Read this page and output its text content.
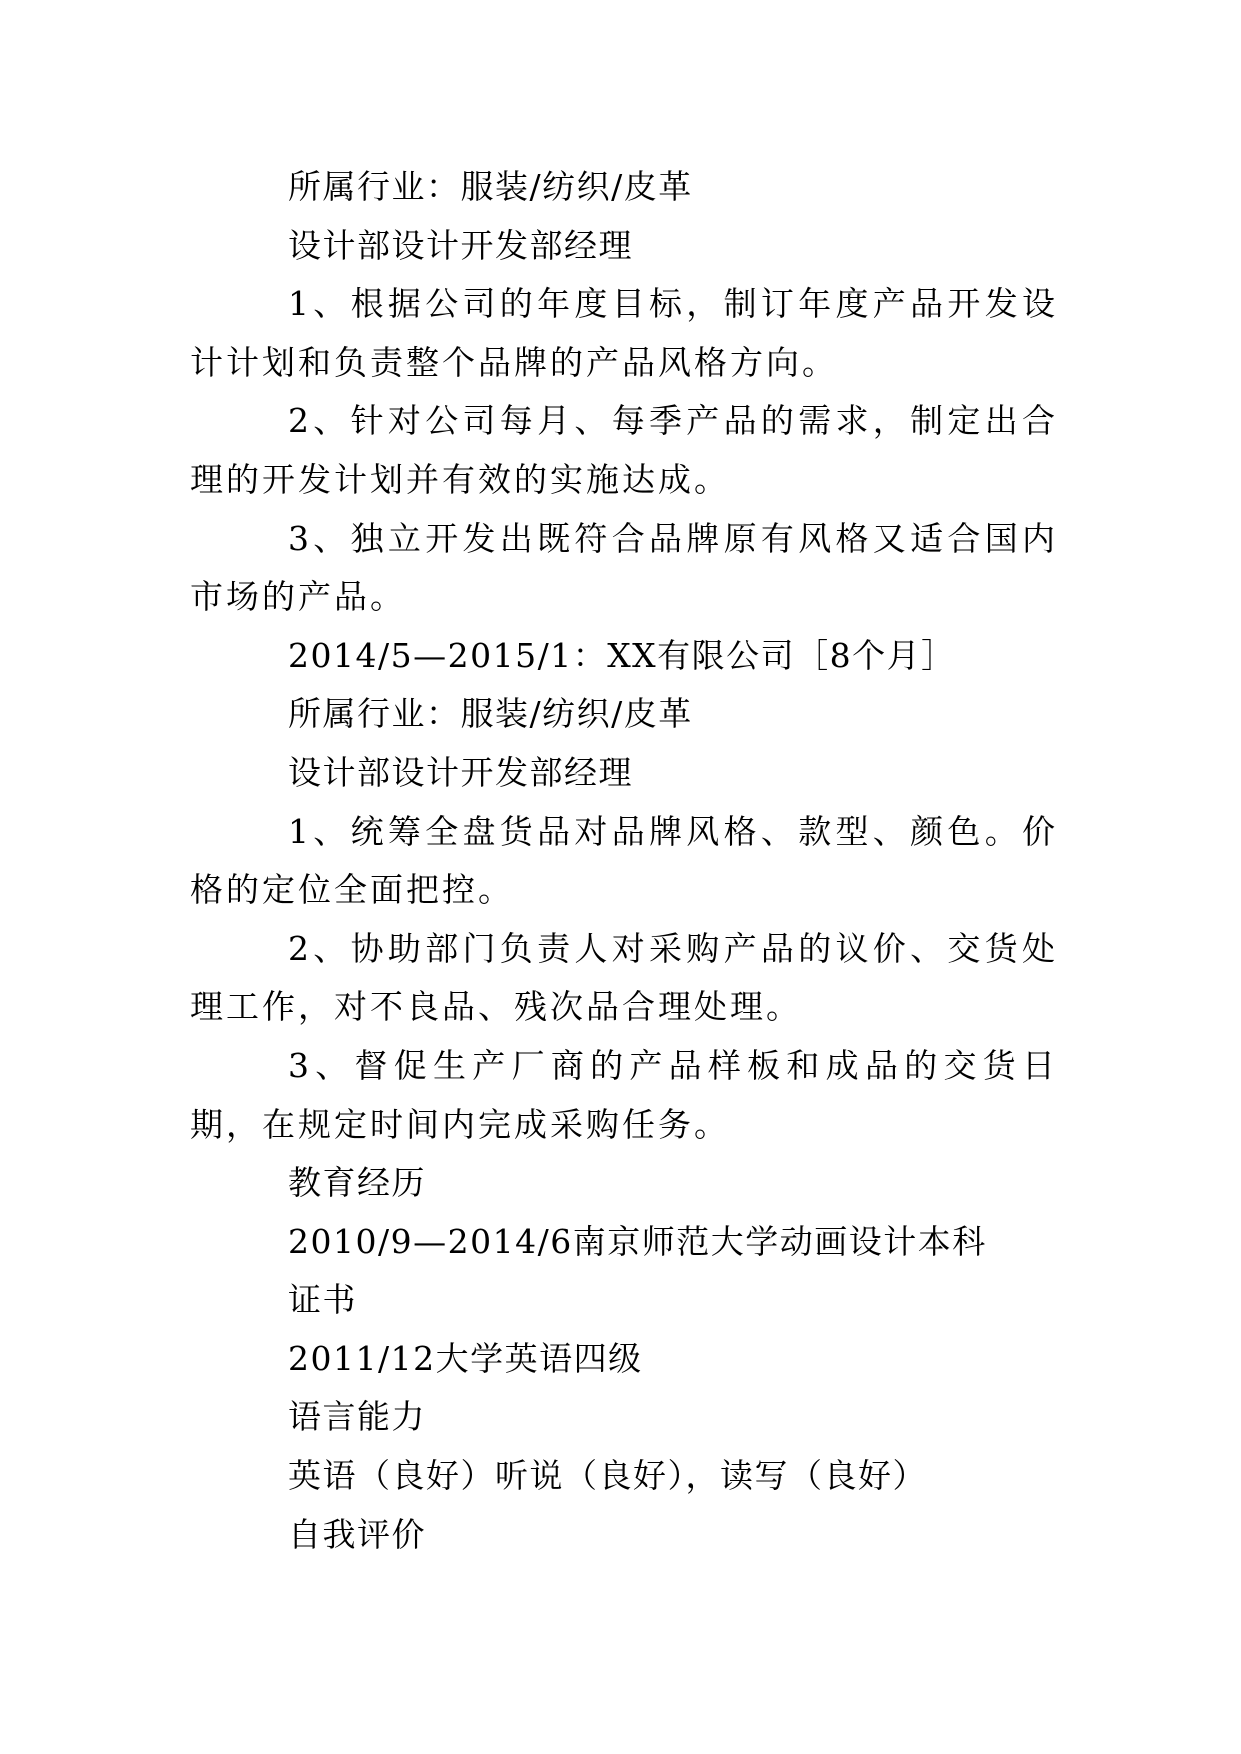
所属行业：服装/纺织/皮革
设计部设计开发部经理
1、根据公司的年度目标，制订年度产品开发设计计划和负责整个品牌的产品风格方向。
2、针对公司每月、每季产品的需求，制定出合理的开发计划并有效的实施达成。
3、独立开发出既符合品牌原有风格又适合国内市场的产品。
2014/5—2015/1：XX有限公司［8个月］
所属行业：服装/纺织/皮革
设计部设计开发部经理
1、统筹全盘货品对品牌风格、款型、颜色。价格的定位全面把控。
2、协助部门负责人对采购产品的议价、交货处理工作，对不良品、残次品合理处理。
3、督促生产厂商的产品样板和成品的交货日期，在规定时间内完成采购任务。
教育经历
2010/9—2014/6南京师范大学动画设计本科
证书
2011/12大学英语四级
语言能力
英语（良好）听说（良好），读写（良好）
自我评价
